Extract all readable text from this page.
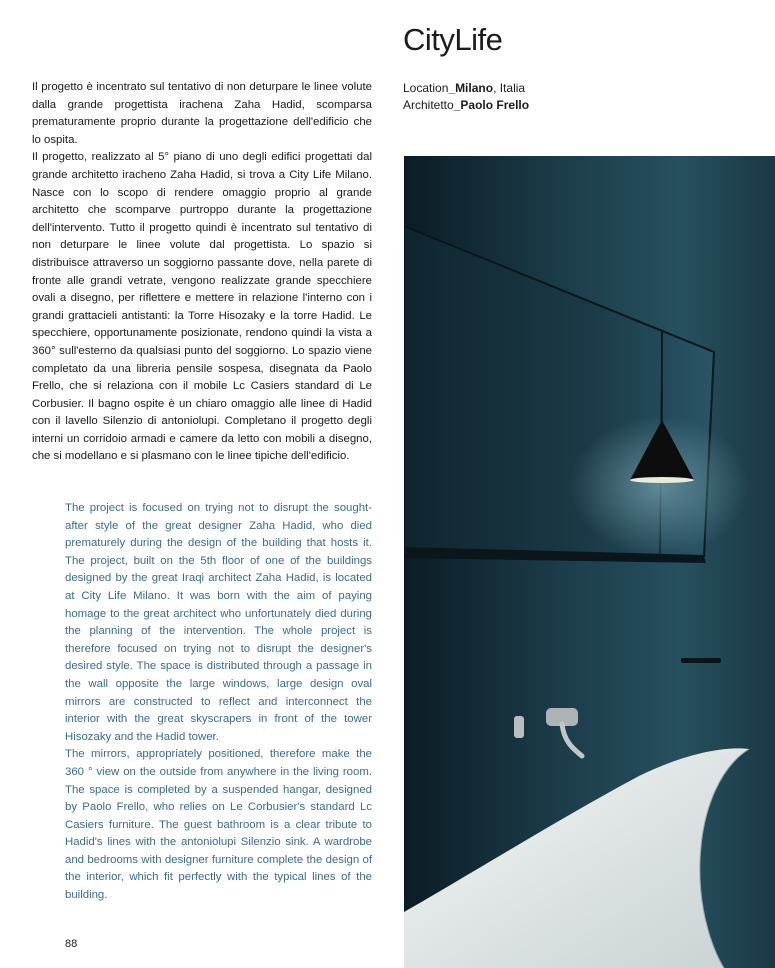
CityLife
Location_Milano, Italia
Architetto_Paolo Frello

Il progetto è incentrato sul tentativo di non deturpare le linee volute dalla grande progettista irachena Zaha Hadid, scomparsa prematuramente proprio durante la progettazione dell'edificio che lo ospita.

Il progetto, realizzato al 5° piano di uno degli edifici progettati dal grande architetto iracheno Zaha Hadid, si trova a City Life Milano. Nasce con lo scopo di rendere omaggio proprio al grande architetto che scomparve purtroppo durante la progettazione dell'intervento. Tutto il progetto quindi è incentrato sul tentativo di non deturpare le linee volute dal progettista. Lo spazio si distribuisce attraverso un soggiorno passante dove, nella parete di fronte alle grandi vetrate, vengono realizzate grande specchiere ovali a disegno, per riflettere e mettere in relazione l'interno con i grandi grattacieli antistanti: la Torre Hisozaky e la torre Hadid. Le specchiere, opportunamente posizionate, rendono quindi la vista a 360° sull'esterno da qualsiasi punto del soggiorno. Lo spazio viene completato da una libreria pensile sospesa, disegnata da Paolo Frello, che si relaziona con il mobile Lc Casiers standard di Le Corbusier. Il bagno ospite è un chiaro omaggio alle linee di Hadid con il lavello Silenzio di antoniolupi. Completano il progetto degli interni un corridoio armadi e camere da letto con mobili a disegno, che si modellano e si plasmano con le linee tipiche dell'edificio.

The project is focused on trying not to disrupt the sought-after style of the great designer Zaha Hadid, who died prematurely during the design of the building that hosts it. The project, built on the 5th floor of one of the buildings designed by the great Iraqi architect Zaha Hadid, is located at City Life Milano. It was born with the aim of paying homage to the great architect who unfortunately died during the planning of the intervention. The whole project is therefore focused on trying not to disrupt the designer's desired style. The space is distributed through a passage in the wall opposite the large windows, large design oval mirrors are constructed to reflect and interconnect the interior with the great skyscrapers in front of the tower Hisozaky and the Hadid tower.

The mirrors, appropriately positioned, therefore make the 360 ° view on the outside from anywhere in the living room. The space is completed by a suspended hangar, designed by Paolo Frello, who relies on Le Corbusier's standard Lc Casiers furniture. The guest bathroom is a clear tribute to Hadid's lines with the antoniolupi Silenzio sink. A wardrobe and bedrooms with designer furniture complete the design of the interior, which fit perfectly with the typical lines of the building.

88
